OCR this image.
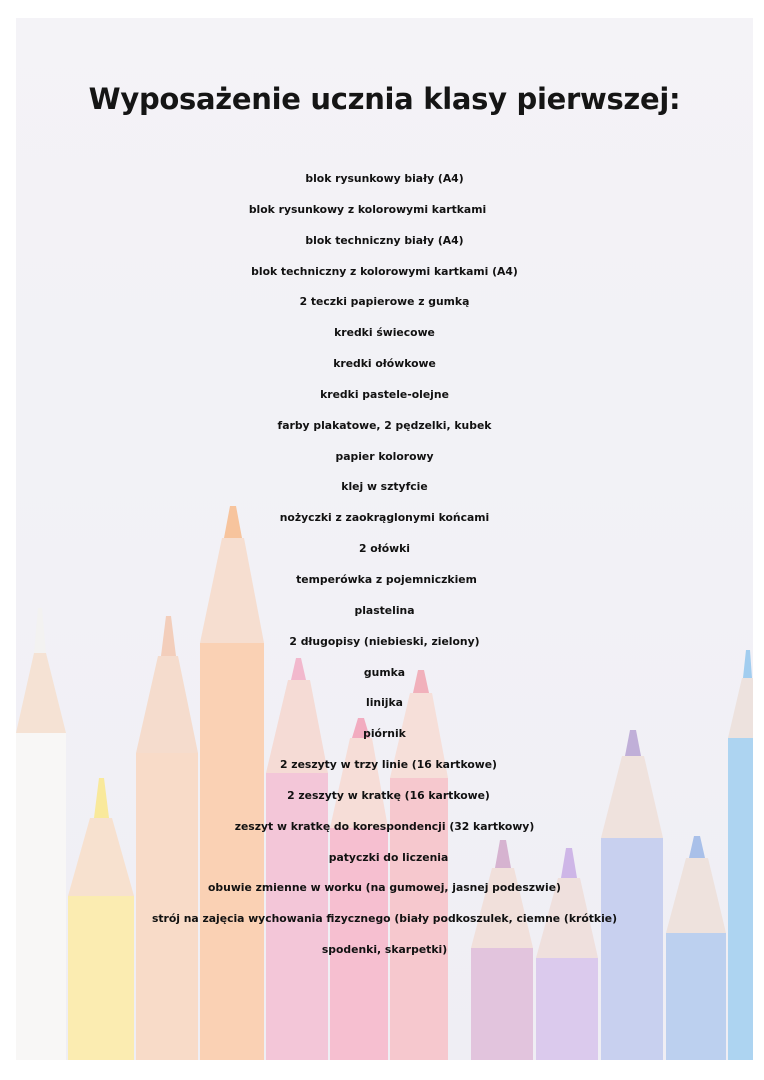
Wyposażenie ucznia klasy pierwszej:
blok rysunkowy biały (A4)
blok rysunkowy z kolorowymi kartkami
blok techniczny biały (A4)
blok techniczny z kolorowymi kartkami (A4)
2 teczki papierowe z gumką
kredki świecowe
kredki ołówkowe
kredki pastele-olejne
farby plakatowe, 2 pędzelki, kubek
papier kolorowy
klej w sztyfcie
nożyczki z zaokrąglonymi końcami
2 ołówki
temperówka z pojemniczkiem
plastelina
2 długopisy (niebieski, zielony)
gumka
linijka
piórnik
2 zeszyty w trzy linie (16 kartkowe)
2 zeszyty w kratkę (16 kartkowe)
zeszyt w kratkę do korespondencji (32 kartkowy)
patyczki do liczenia
obuwie zmienne w worku (na gumowej, jasnej podeszwie)
strój na zajęcia wychowania fizycznego (biały podkoszulek, ciemne (krótkie)
spodenki, skarpetki)
